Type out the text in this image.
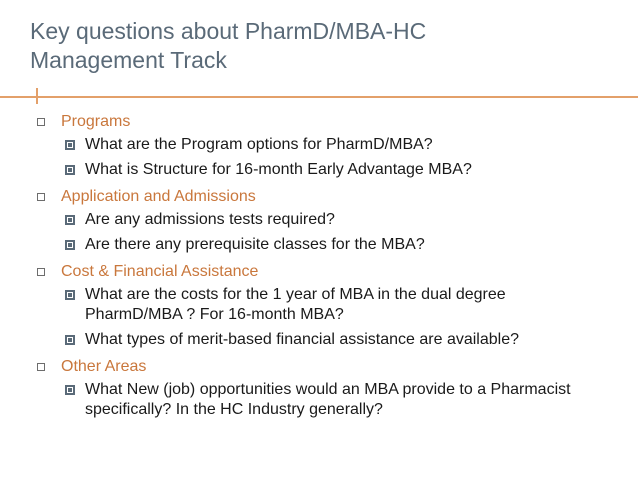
Key questions about PharmD/MBA-HC
Management Track
Programs
What are the Program options for PharmD/MBA?
What is Structure for 16-month Early Advantage MBA?
Application and Admissions
Are any admissions tests required?
Are there any prerequisite classes for the MBA?
Cost & Financial Assistance
What are the costs for the 1 year of MBA in the dual degree PharmD/MBA ? For 16-month MBA?
What types of merit-based financial assistance are available?
Other Areas
What New (job) opportunities would an MBA provide to a Pharmacist specifically? In the HC Industry generally?
